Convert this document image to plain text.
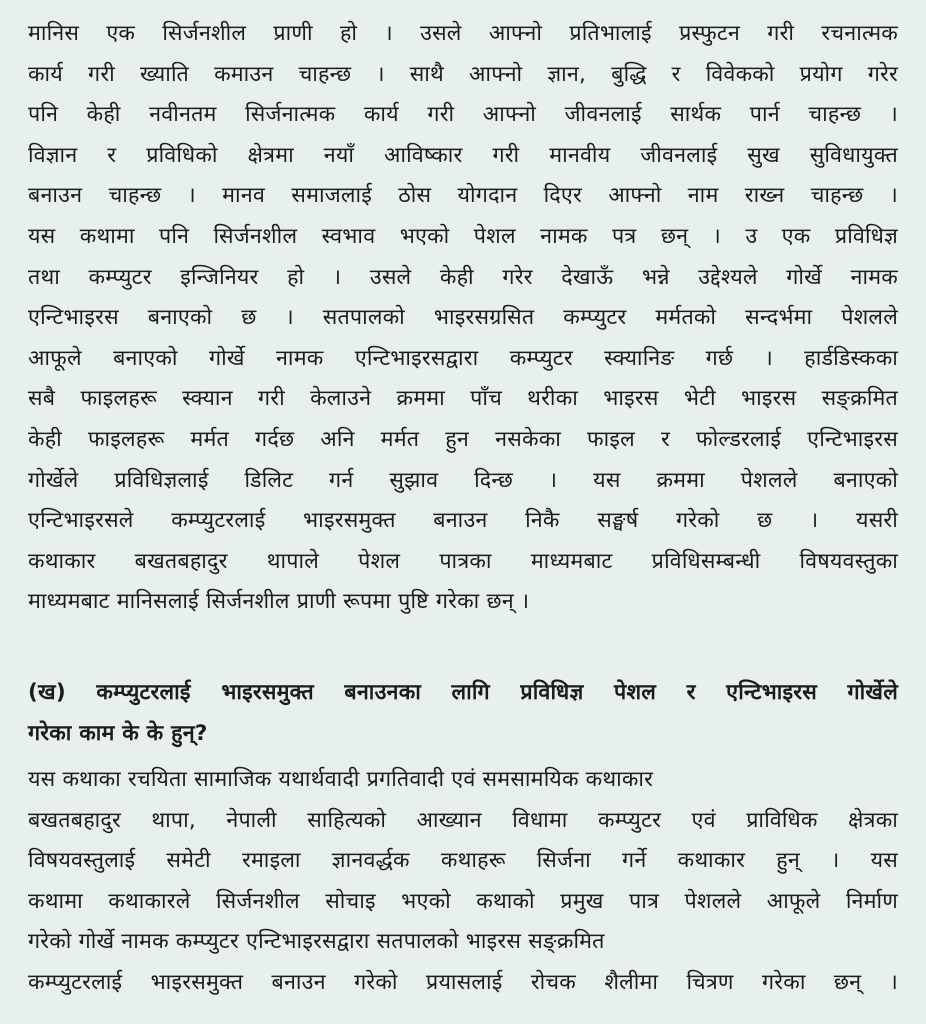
मानिस एक सिर्जनशील प्राणी हो । उसले आफ्नो प्रतिभालाई प्रस्फुटन गरी रचनात्मक
कार्य गरी ख्याति कमाउन चाहन्छ । साथै आफ्नो ज्ञान, बुद्धि र विवेकको प्रयोग गरेर
पनि केही नवीनतम सिर्जनात्मक कार्य गरी आफ्नो जीवनलाई सार्थक पार्न चाहन्छ ।
विज्ञान र प्रविधिको क्षेत्रमा नयाँ आविष्कार गरी मानवीय जीवनलाई सुख सुविधायुक्त
बनाउन चाहन्छ । मानव समाजलाई ठोस योगदान दिएर आफ्नो नाम राख्न चाहन्छ ।
यस कथामा पनि सिर्जनशील स्वभाव भएको पेशल नामक पत्र छन् । उ एक प्रविधिज्ञ
तथा कम्प्युटर इन्जिनियर हो । उसले केही गरेर देखाऊँ भन्ने उद्देश्यले गोर्खे नामक
एन्टिभाइरस बनाएको छ । सतपालको भाइरसग्रसित कम्प्युटर मर्मतको सन्दर्भमा पेशलले
आफूले बनाएको गोर्खे नामक एन्टिभाइरसद्वारा कम्प्युटर स्क्यानिङ गर्छ । हार्डडिस्कका
सबै फाइलहरू स्क्यान गरी केलाउने क्रममा पाँच थरीका भाइरस भेटी भाइरस सङ्क्रमित
केही फाइलहरू मर्मत गर्दछ अनि मर्मत हुन नसकेका फाइल र फोल्डरलाई एन्टिभाइरस
गोर्खेले प्रविधिज्ञलाई डिलिट गर्न सुझाव दिन्छ । यस क्रममा पेशलले बनाएको
एन्टिभाइरसले कम्प्युटरलाई भाइरसमुक्त बनाउन निकै सङ्घर्ष गरेको छ । यसरी
कथाकार बखतबहादुर थापाले पेशल पात्रका माध्यमबाट प्रविधिसम्बन्धी विषयवस्तुका
माध्यमबाट मानिसलाई सिर्जनशील प्राणी रूपमा पुष्टि गरेका छन् ।
(ख) कम्प्युटरलाई भाइरसमुक्त बनाउनका लागि प्रविधिज्ञ पेशल र एन्टिभाइरस गोर्खेले
गरेका काम के के हुन्?
यस कथाका रचयिता सामाजिक यथार्थवादी प्रगतिवादी एवं समसामयिक कथाकार
बखतबहादुर थापा, नेपाली साहित्यको आख्यान विधामा कम्प्युटर एवं प्राविधिक क्षेत्रका
विषयवस्तुलाई समेटी रमाइला ज्ञानवर्द्धक कथाहरू सिर्जना गर्ने कथाकार हुन् । यस
कथामा कथाकारले सिर्जनशील सोचाइ भएको कथाको प्रमुख पात्र पेशलले आफूले निर्माण
गरेको गोर्खे नामक कम्प्युटर एन्टिभाइरसद्वारा सतपालको भाइरस सङ्क्रमित
कम्प्युटरलाई भाइरसमुक्त बनाउन गरेको प्रयासलाई रोचक शैलीमा चित्रण गरेका छन् ।
